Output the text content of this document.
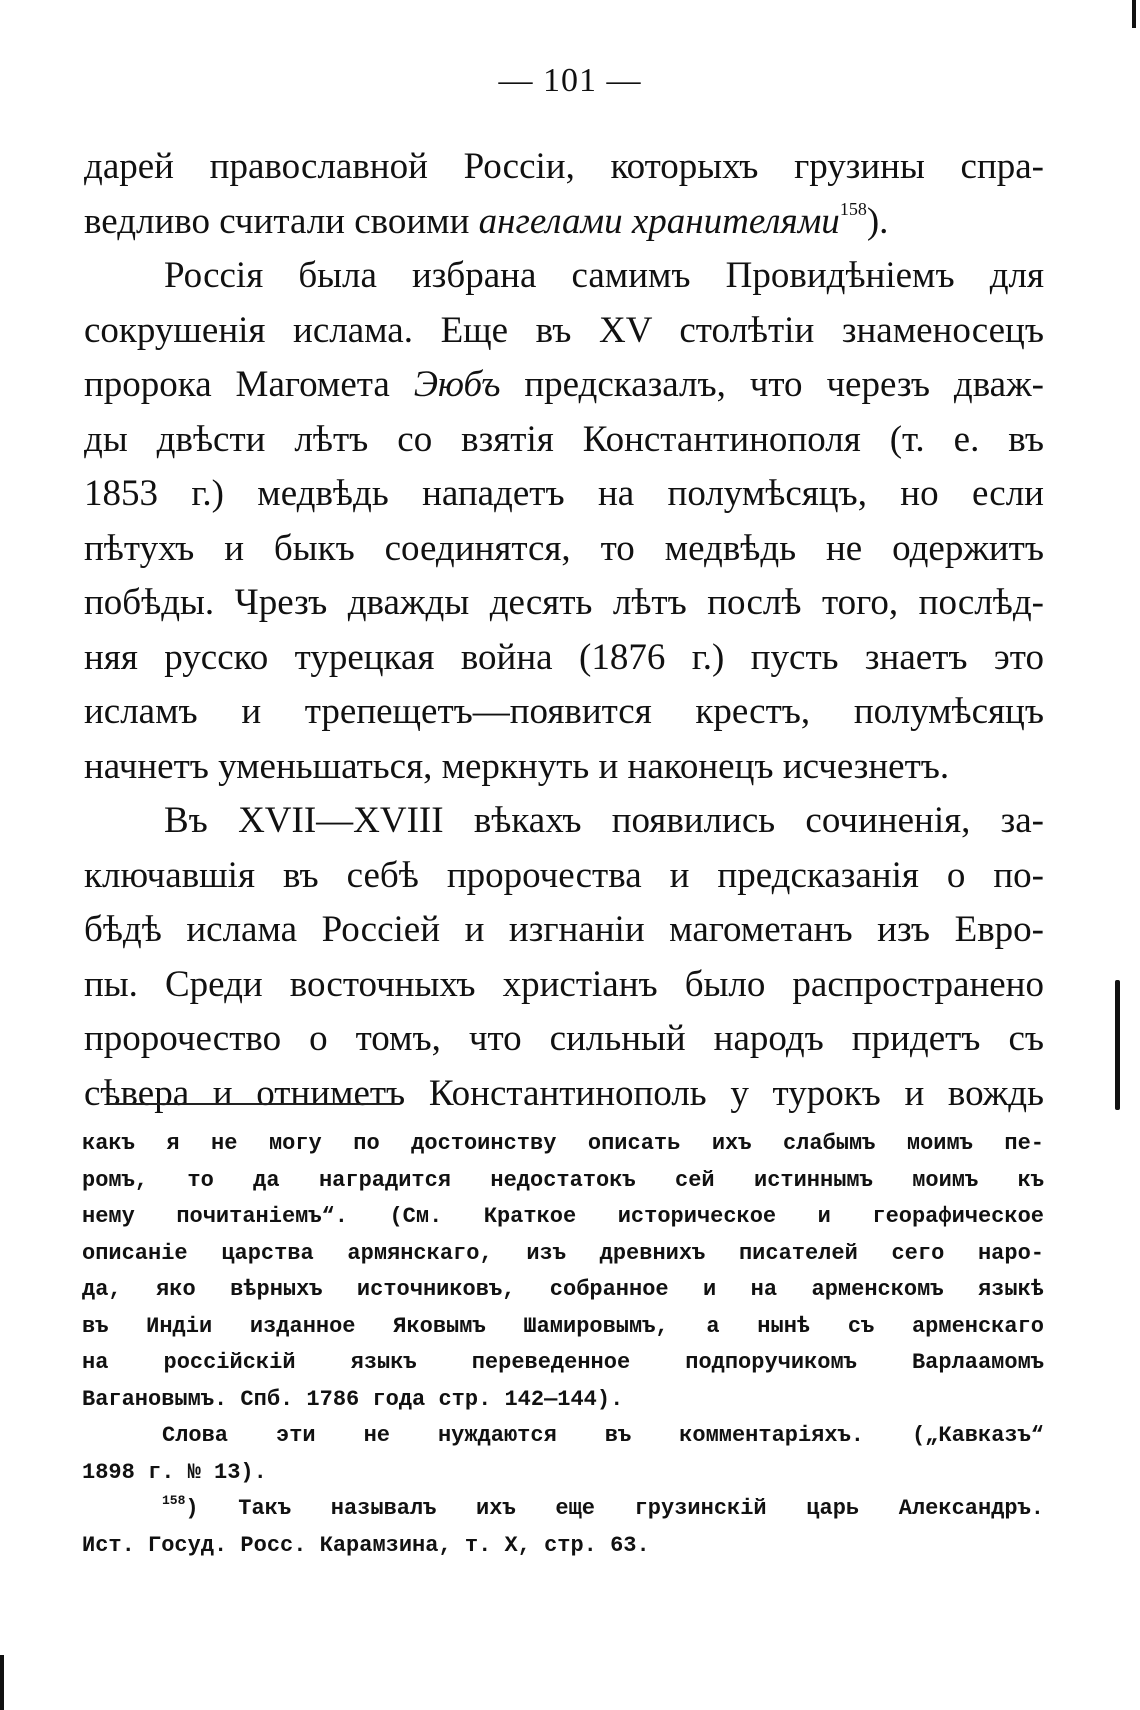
— 101 —
дарей православной Россіи, которыхъ грузины спра-
ведливо считали своими ангелами хранителями$^{158}$).
Россія была избрана самимъ Провидѣніемъ для
сокрушенія ислама. Еще въ XV столѣтіи знаменосецъ
пророка Магомета Эюбъ предсказалъ, что черезъ дваж-
ды двѣсти лѣтъ со взятія Константинополя (т. е. въ
1853 г.) медвѣдь нападетъ на полумѣсяцъ, но если
пѣтухъ и быкъ соединятся, то медвѣдь не одержитъ
побѣды. Чрезъ дважды десять лѣтъ послѣ того, послѣд-
няя русско турецкая война (1876 г.) пусть знаетъ это
исламъ и трепещетъ—появится крестъ, полумѣсяцъ
начнетъ уменьшаться, меркнуть и наконецъ исчезнетъ.
Въ XVII—XVIII вѣкахъ появились сочиненія, за-
ключавшія въ себѣ пророчества и предсказанія о по-
бѣдѣ ислама Россіей и изгнаніи магометанъ изъ Евро-
пы. Среди восточныхъ христіанъ было распространено
пророчество о томъ, что сильный народъ придетъ съ
сѣвера и отниметъ Константинополь у турокъ и вождь
какъ я не могу по достоинству описать ихъ слабымъ моимъ пе-
ромъ, то да наградится недостатокъ сей истиннымъ моимъ къ
нему почитаніемъ“. (См. Краткое историческое и георафическое
описаніе царства армянскаго, изъ древнихъ писателей сего наро-
да, яко вѣрныхъ источниковъ, собранное и на арменскомъ языкѣ
въ Индіи изданное Яковымъ Шамировымъ, а нынѣ съ арменскаго
на россійскій языкъ переведенное подпоручикомъ Варлаамомъ
Вагановымъ. Спб. 1786 года стр. 142—144).
Слова эти не нуждаются въ комментаріяхъ. („Кавказъ“
1898 г. № 13).
$^{158}$) Такъ называлъ ихъ еще грузинскій царь Александръ.
Ист. Госуд. Росс. Карамзина, т. X, стр. 63.
